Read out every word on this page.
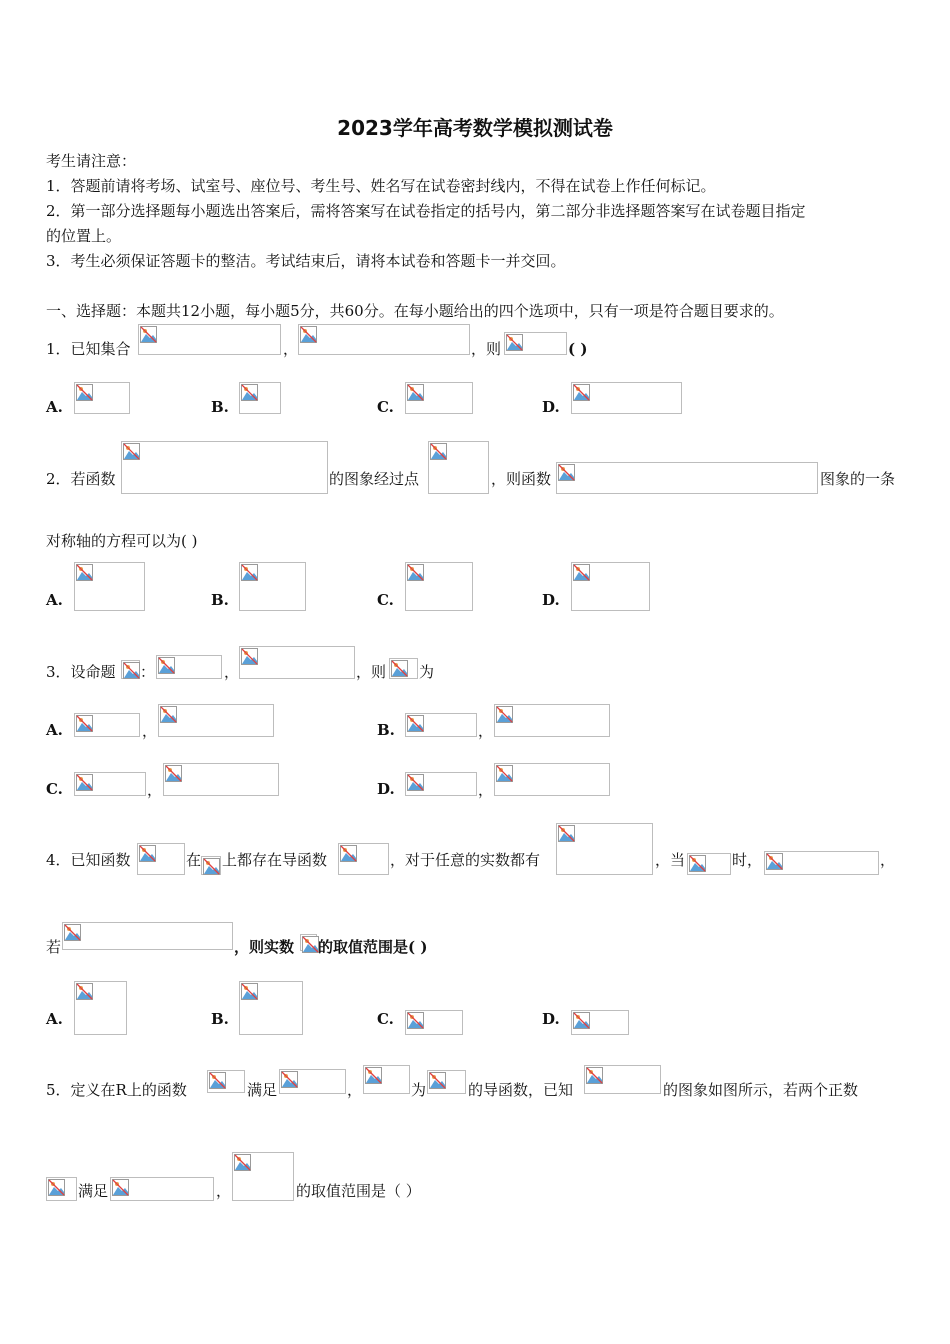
2023学年高考数学模拟测试卷
考生请注意：
1．答题前请将考场、试室号、座位号、考生号、姓名写在试卷密封线内，不得在试卷上作任何标记。
2．第一部分选择题每小题选出答案后，需将答案写在试卷指定的括号内，第二部分非选择题答案写在试卷题目指定
的位置上。
3．考生必须保证答题卡的整洁。考试结束后，请将本试卷和答题卡一并交回。
一、选择题：本题共12小题，每小题5分，共60分。在每小题给出的四个选项中，只有一项是符合题目要求的。
1．已知集合	，	，则	( )
A.	B.	C.	D.
2．若函数	的图象经过点	，则函数	图象的一条
对称轴的方程可以为( )
A.	B.	C.	D.
3．设命题 ：	，	，则 为
A.	，	B.	，
C.	，	D.	，
4．已知函数	在 上都存在导函数	，对于任意的实数都有	，当	时，	，
若	，则实数 的取值范围是( )
A.	B.	C.	D.
5．定义在R上的函数	满足	，	为	的导函数，已知	的图象如图所示，若两个正数
满足	，	的取值范围是（ ）
